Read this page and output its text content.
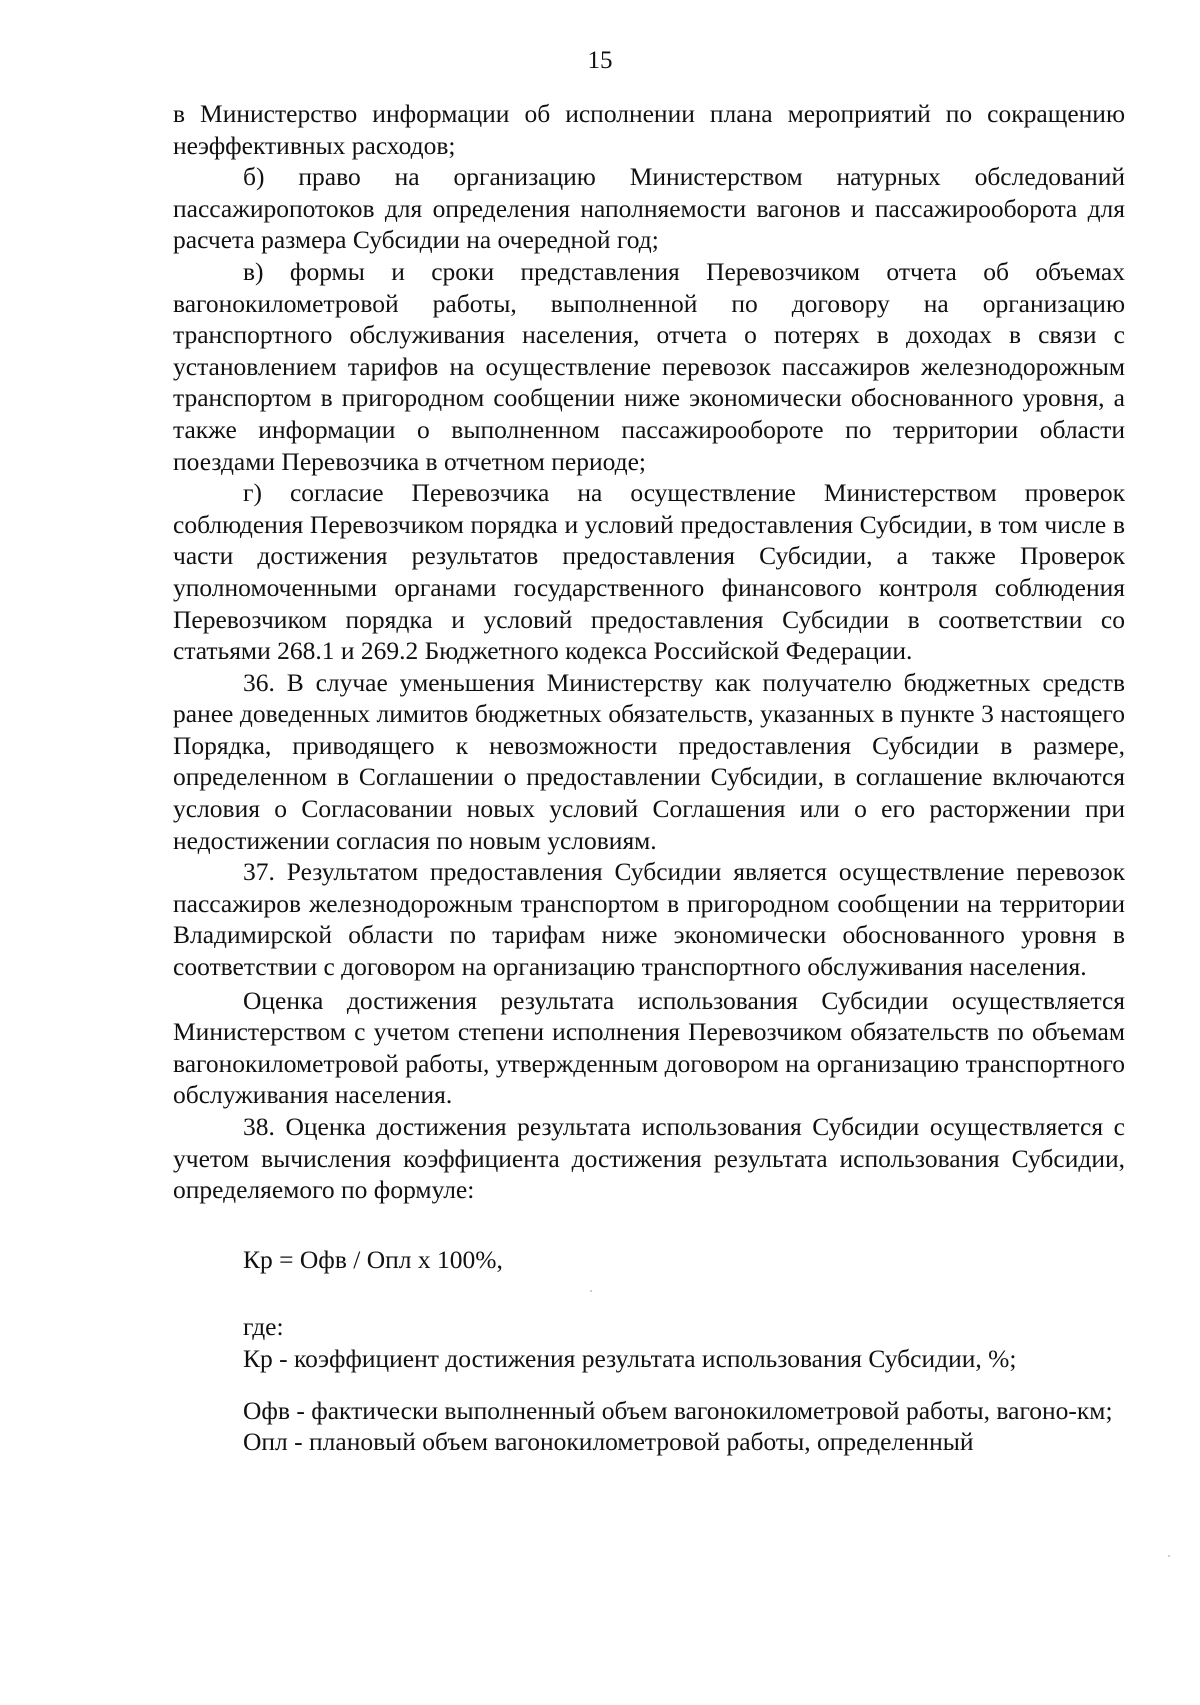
15

в Министерство информации об исполнении плана мероприятий по сокращению неэффективных расходов;

б) право на организацию Министерством натурных обследований пассажиропотоков для определения наполняемости вагонов и пассажирооборота для расчета размера Субсидии на очередной год;

в) формы и сроки представления Перевозчиком отчета об объемах вагонокилометровой работы, выполненной по договору на организацию транспортного обслуживания населения, отчета о потерях в доходах в связи с установлением тарифов на осуществление перевозок пассажиров железнодорожным транспортом в пригородном сообщении ниже экономически обоснованного уровня, а также информации о выполненном пассажирообороте по территории области поездами Перевозчика в отчетном периоде;

г) согласие Перевозчика на осуществление Министерством проверок соблюдения Перевозчиком порядка и условий предоставления Субсидии, в том числе в части достижения результатов предоставления Субсидии, а также Проверок уполномоченными органами государственного финансового контроля соблюдения Перевозчиком порядка и условий предоставления Субсидии в соответствии со статьями 268.1 и 269.2 Бюджетного кодекса Российской Федерации.

36. В случае уменьшения Министерству как получателю бюджетных средств ранее доведенных лимитов бюджетных обязательств, указанных в пункте 3 настоящего Порядка, приводящего к невозможности предоставления Субсидии в размере, определенном в Соглашении о предоставлении Субсидии, в соглашение включаются условия о Согласовании новых условий Соглашения или о его расторжении при недостижении согласия по новым условиям.

37. Результатом предоставления Субсидии является осуществление перевозок пассажиров железнодорожным транспортом в пригородном сообщении на территории Владимирской области по тарифам ниже экономически обоснованного уровня в соответствии с договором на организацию транспортного обслуживания населения.

Оценка достижения результата использования Субсидии осуществляется Министерством с учетом степени исполнения Перевозчиком обязательств по объемам вагонокилометровой работы, утвержденным договором на организацию транспортного обслуживания населения.

38. Оценка достижения результата использования Субсидии осуществляется с учетом вычисления коэффициента достижения результата использования Субсидии, определяемого по формуле:

Кр = Офв / Опл х 100%,

где:

Кр - коэффициент достижения результата использования Субсидии, %;

Офв - фактически выполненный объем вагонокилометровой работы, вагоно-км;

Опл - плановый объем вагонокилометровой работы, определенный
